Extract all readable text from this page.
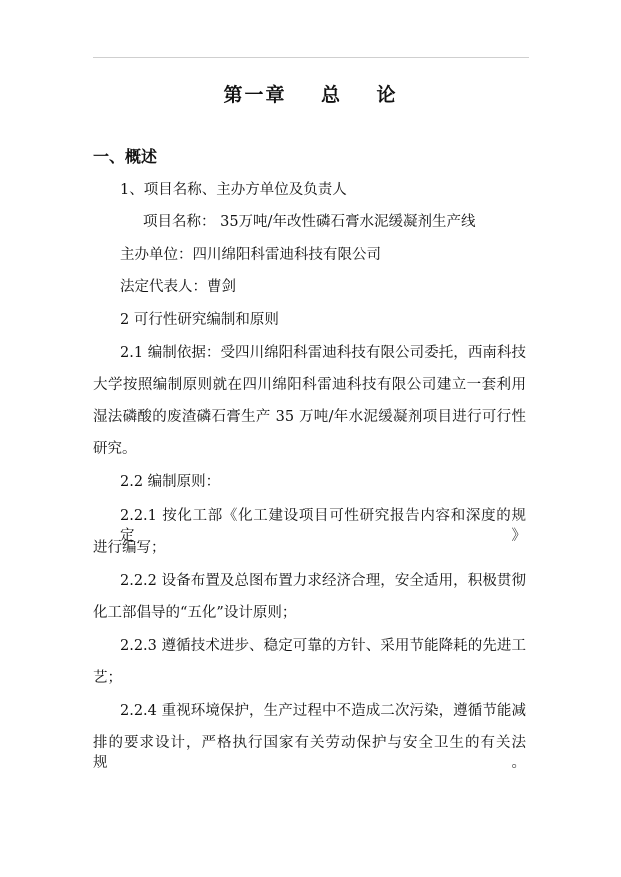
第一章    总    论
一、概述
1、项目名称、主办方单位及负责人
项目名称： 35万吨/年改性磷石膏水泥缓凝剂生产线
主办单位：四川绵阳科雷迪科技有限公司
法定代表人：曹剑
2 可行性研究编制和原则
2.1 编制依据：受四川绵阳科雷迪科技有限公司委托，西南科技
大学按照编制原则就在四川绵阳科雷迪科技有限公司建立一套利用
湿法磷酸的废渣磷石膏生产 35 万吨/年水泥缓凝剂项目进行可行性
研究。
2.2 编制原则：
2.2.1 按化工部《化工建设项目可性研究报告内容和深度的规定》
进行编写；
2.2.2 设备布置及总图布置力求经济合理，安全适用，积极贯彻
化工部倡导的“五化”设计原则；
2.2.3 遵循技术进步、稳定可靠的方针、采用节能降耗的先进工
艺；
2.2.4 重视环境保护，生产过程中不造成二次污染，遵循节能减
排的要求设计，严格执行国家有关劳动保护与安全卫生的有关法规。
